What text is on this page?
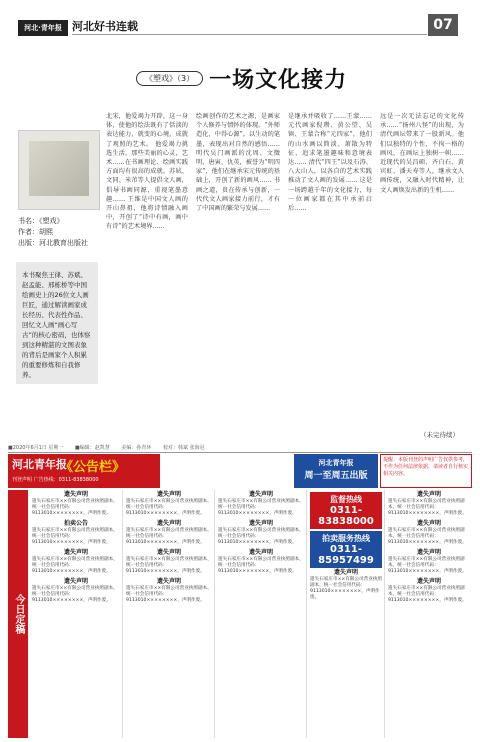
河北·青年报 河北好书连载	07
《塑戏》（3） 一场文化接力
书名：《塑戏》
作者：胡熙
出版：河北教育出版社
本书聚焦王律、苏斌、赵孟能、邢栋桥等中国绘画史上的26位文人画巨匠，通过解读画家成长经历、代表性作品、回忆文人画“画心写古”的核心密码，也体察到这种精湛的文图表象的背后是画家个人积累的重要修炼和自我修养。
北宋，他爱竭力开辟，这一身体，使他的绘法既有了恬淡的表达能力，就变的心境，成就了观照的艺术。 他爱竭力挑选生活，那些美丽的心灵，艺术……在书画理论、绘画实践方面均有很高的成就。苏轼、文同、米芾等人提倡文人画，倡导书画同源，重视笔墨意趣…… 王维是中国文人画的开山鼻祖，他将诗情融入画中，开创了“诗中有画，画中有诗”的艺术境界……
绘画创作的艺术之源，是画家个人修养与情怀的体现。“外师造化，中得心源”。以生动的笔墨，表现出对自然的感悟…… 明代吴门画派的沈周、文徵明、唐寅、仇英，被誉为“明四家”，他们在继承宋元传统的基础上，开创了新的画风…… 书画之道，贵在传承与创新，一代代文人画家接力前行，才有了中国画的繁荣与发展……
是继承并吸收了……王蒙……元代画家倪瓒、黄公望、吴镇、王蒙合称“元四家”，他们的山水画以简淡、萧散为特征，追求笔墨趣味和意境表达…… 清代“四王”以及石涛、八大山人，以各自的艺术实践推动了文人画的发展…… 这是一场跨越千年的文化接力，每一位画家都在其中承前启后……
远是一次无法忘记的文化传承……“扬州八怪”的出现，为清代画坛带来了一股新风。他们以独特的个性、不拘一格的画风，在画坛上独树一帜…… 近现代的吴昌硕、齐白石、黄宾虹、潘天寿等人，继承文人画传统，又融入时代精神，让文人画焕发出新的生机……
（未完待续）
■2020年6月1日 星期一 ■编辑：赵凯慧 美编：孙青环 校对：韩斌 张海冠
河北青年报
《公告栏》
刊登声明 广告热线：0311-83838000
河北青年报
周一至周五出版
提醒：本版刊登的声明广告仅供参考，不作为任何法律依据，请读者自行核实相关内容。
今日定稿
遗失声明
遗失石家庄市××有限公司营业执照副本，统一社会信用代码：9113010××××××××，声明作废。
拍卖公告
遗失石家庄市××有限公司营业执照副本，统一社会信用代码：9113010××××××××，声明作废。
遗失声明
遗失石家庄市××有限公司营业执照副本，统一社会信用代码：9113010××××××××，声明作废。
遗失声明
遗失石家庄市××有限公司营业执照副本，统一社会信用代码：9113010××××××××，声明作废。
遗失声明
遗失石家庄市××有限公司营业执照副本，统一社会信用代码：9113010××××××××，声明作废。
遗失声明
遗失石家庄市××有限公司营业执照副本，统一社会信用代码：9113010××××××××，声明作废。
遗失声明
遗失石家庄市××有限公司营业执照副本，统一社会信用代码：9113010××××××××，声明作废。
遗失声明
遗失石家庄市××有限公司营业执照副本，统一社会信用代码：9113010××××××××，声明作废。
遗失声明
遗失石家庄市××有限公司营业执照副本，统一社会信用代码：9113010××××××××，声明作废。
遗失声明
遗失石家庄市××有限公司营业执照副本，统一社会信用代码：9113010××××××××，声明作废。
遗失声明
遗失石家庄市××有限公司营业执照副本，统一社会信用代码：9113010××××××××，声明作废。
监督热线
0311-83838000
拍卖服务热线
0311-85957499
遗失声明
遗失石家庄市××有限公司营业执照副本，统一社会信用代码：9113010××××××××，声明作废。
遗失声明
遗失石家庄市××有限公司营业执照副本，统一社会信用代码：9113010××××××××，声明作废。
遗失声明
遗失石家庄市××有限公司营业执照副本，统一社会信用代码：9113010××××××××，声明作废。
遗失声明
遗失石家庄市××有限公司营业执照副本，统一社会信用代码：9113010××××××××，声明作废。
遗失声明
遗失石家庄市××有限公司营业执照副本，统一社会信用代码：9113010××××××××，声明作废。
